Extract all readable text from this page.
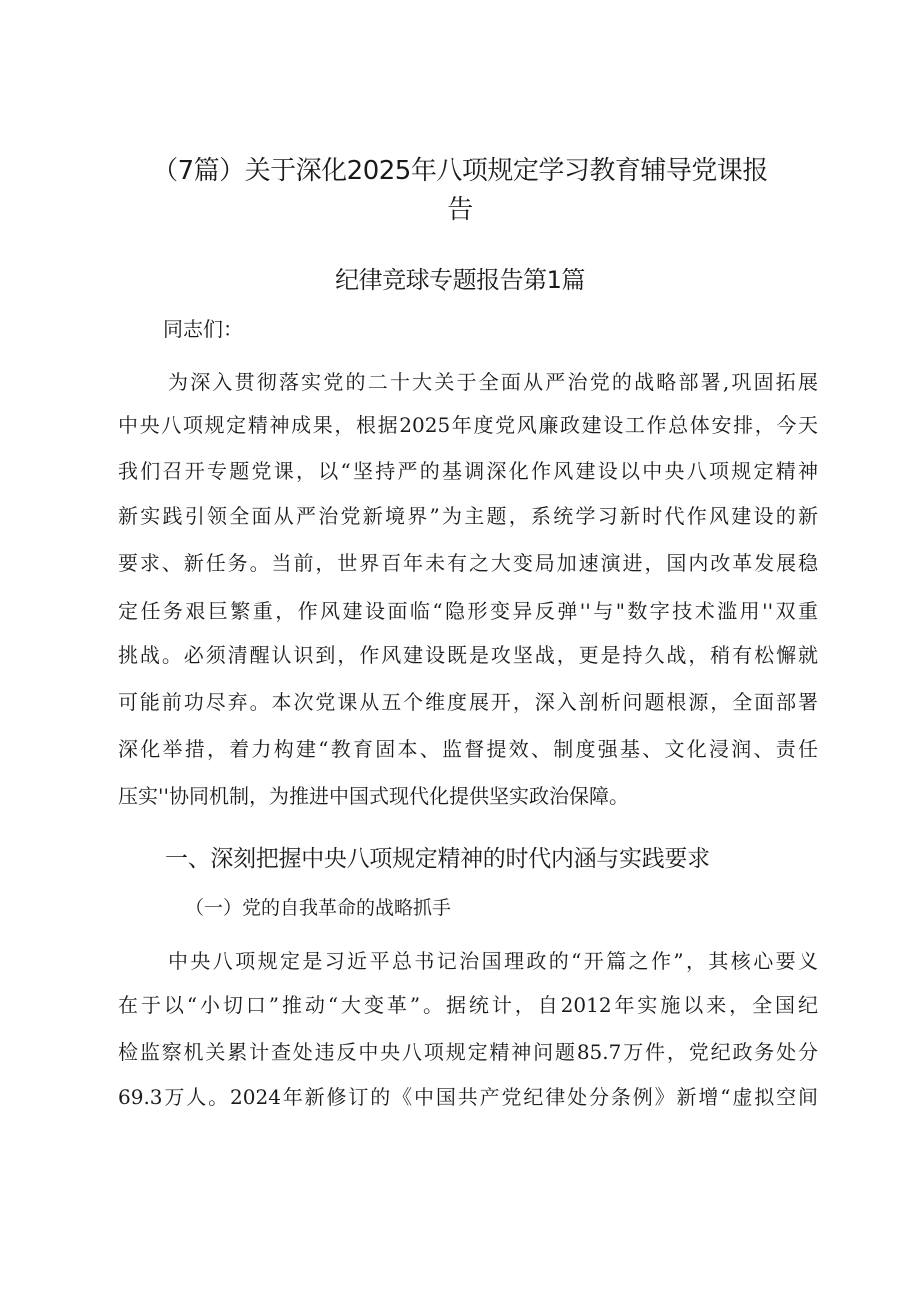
（7篇）关于深化2025年八项规定学习教育辅导党课报
告
纪律竞球专题报告第1篇
同志们：
为深入贯彻落实党的二十大关于全面从严治党的战略部署,巩固拓展
中央八项规定精神成果，根据2025年度党风廉政建设工作总体安排，今天
我们召开专题党课，以“坚持严的基调深化作风建设以中央八项规定精神
新实践引领全面从严治党新境界”为主题，系统学习新时代作风建设的新
要求、新任务。当前，世界百年未有之大变局加速演进，国内改革发展稳
定任务艰巨繁重，作风建设面临“隐形变异反弹''与"数字技术滥用''双重
挑战。必须清醒认识到，作风建设既是攻坚战，更是持久战，稍有松懈就
可能前功尽弃。本次党课从五个维度展开，深入剖析问题根源，全面部署
深化举措，着力构建“教育固本、监督提效、制度强基、文化浸润、责任
压实''协同机制，为推进中国式现代化提供坚实政治保障。
一、深刻把握中央八项规定精神的时代内涵与实践要求
（一）党的自我革命的战略抓手
中央八项规定是习近平总书记治国理政的“开篇之作”，其核心要义
在于以“小切口”推动“大变革”。据统计，自2012年实施以来，全国纪
检监察机关累计查处违反中央八项规定精神问题85.7万件，党纪政务处分
69.3万人。2024年新修订的《中国共产党纪律处分条例》新增“虚拟空间
